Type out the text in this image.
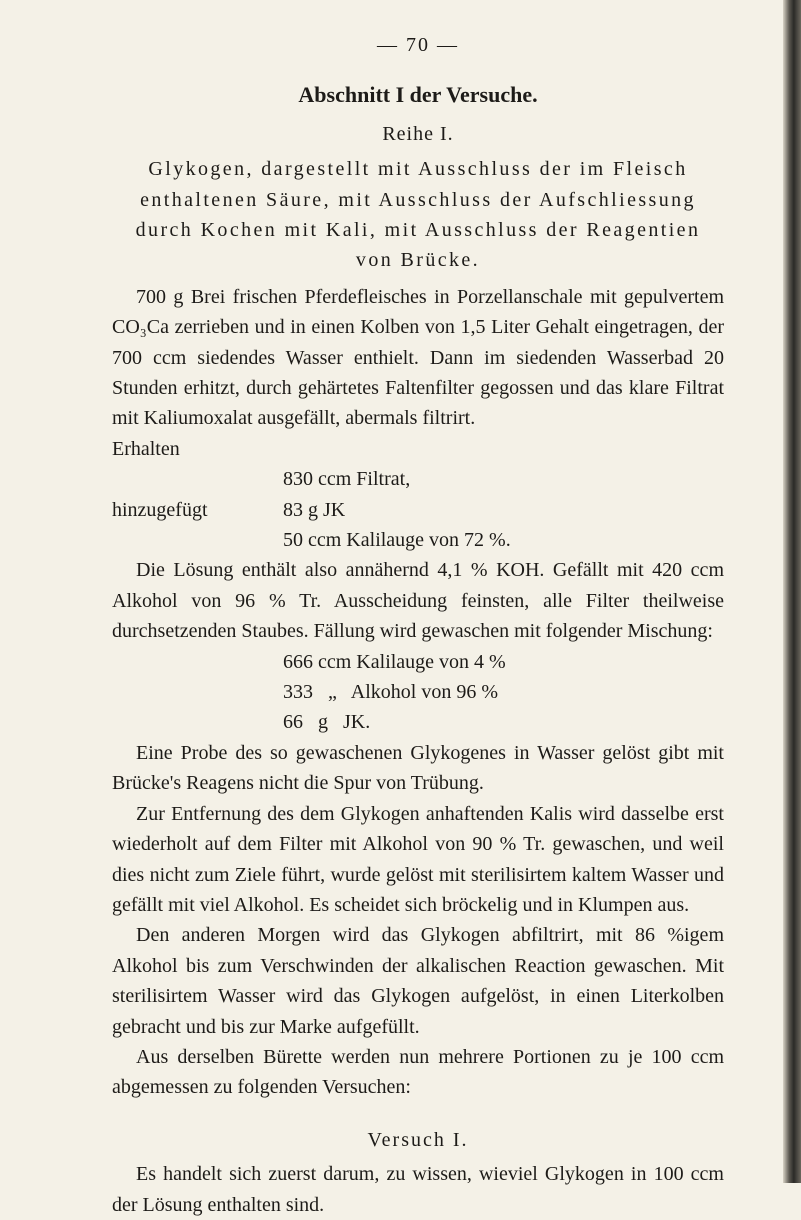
— 70 —
Abschnitt I der Versuche.
Reihe I.
Glykogen, dargestellt mit Ausschluss der im Fleisch
enthaltenen Säure, mit Ausschluss der Aufschliessung
durch Kochen mit Kali, mit Ausschluss der Reagentien
von Brücke.

700 g Brei frischen Pferdefleisches in Porzellanschale mit gepulvertem CO₃Ca zerrieben und in einen Kolben von 1,5 Liter Gehalt eingetragen, der 700 ccm siedendes Wasser enthielt. Dann im siedenden Wasserbad 20 Stunden erhitzt, durch gehärtetes Faltenfilter gegossen und das klare Filtrat mit Kaliumoxalat ausgefällt, abermals filtrirt.

Erhalten
830 ccm Filtrat,
hinzugefügt	83 g JK
50 ccm Kalilauge von 72 %.

Die Lösung enthält also annähernd 4,1 % KOH. Gefällt mit 420 ccm Alkohol von 96 % Tr. Ausscheidung feinsten, alle Filter theilweise durchsetzenden Staubes. Fällung wird gewaschen mit folgender Mischung:

666 ccm Kalilauge von 4 %
333   „   Alkohol von 96 %
66   g   JK.

Eine Probe des so gewaschenen Glykogenes in Wasser gelöst gibt mit Brücke's Reagens nicht die Spur von Trübung.

Zur Entfernung des dem Glykogen anhaftenden Kalis wird dasselbe erst wiederholt auf dem Filter mit Alkohol von 90 % Tr. gewaschen, und weil dies nicht zum Ziele führt, wurde gelöst mit sterilisirtem kaltem Wasser und gefällt mit viel Alkohol. Es scheidet sich bröckelig und in Klumpen aus.

Den anderen Morgen wird das Glykogen abfiltrirt, mit 86 %igem Alkohol bis zum Verschwinden der alkalischen Reaction gewaschen. Mit sterilisirtem Wasser wird das Glykogen aufgelöst, in einen Literkolben gebracht und bis zur Marke aufgefüllt.

Aus derselben Bürette werden nun mehrere Portionen zu je 100 ccm abgemessen zu folgenden Versuchen:

Versuch I.

Es handelt sich zuerst darum, zu wissen, wieviel Glykogen in 100 ccm der Lösung enthalten sind.
